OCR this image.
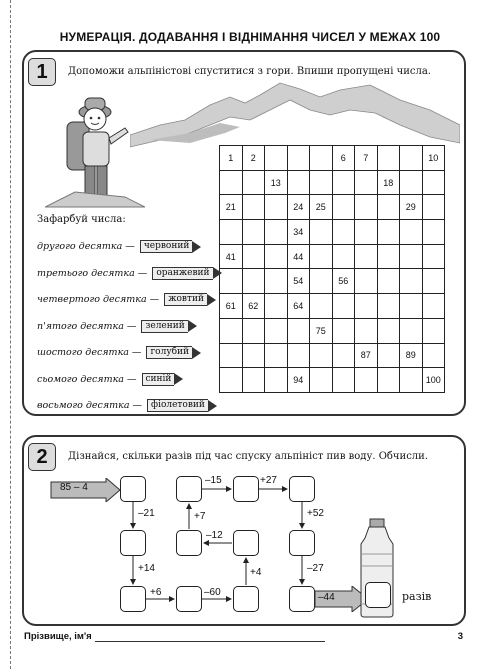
НУМЕРАЦІЯ. ДОДАВАННЯ І ВІДНІМАННЯ ЧИСЕЛ У МЕЖАХ 100
1	Допоможи альпіністові спуститися з гори. Впиши пропущені числа.
1	2				6	7			10
		13					18		
21			24	25				29	
			34						
41			44						
			54		56				
61	62		64						
				75					
						87		89	
			94						100
Зафарбуй числа:
другого десятка —	червоний
третього десятка —	оранжевий
четвертого десятка —	жовтий
п'ятого десятка —	зелений
шостого десятка —	голубий
сьомого десятка —	синій
восьмого десятка —	фіолетовий
2	Дізнайся, скільки разів під час спуску альпініст пив воду. Обчисли.
85 – 4
–21
+14
+6	–60
+4
–12
+7
–15	+27
+52
–27
–44	разів
Прізвище, ім'я	3
